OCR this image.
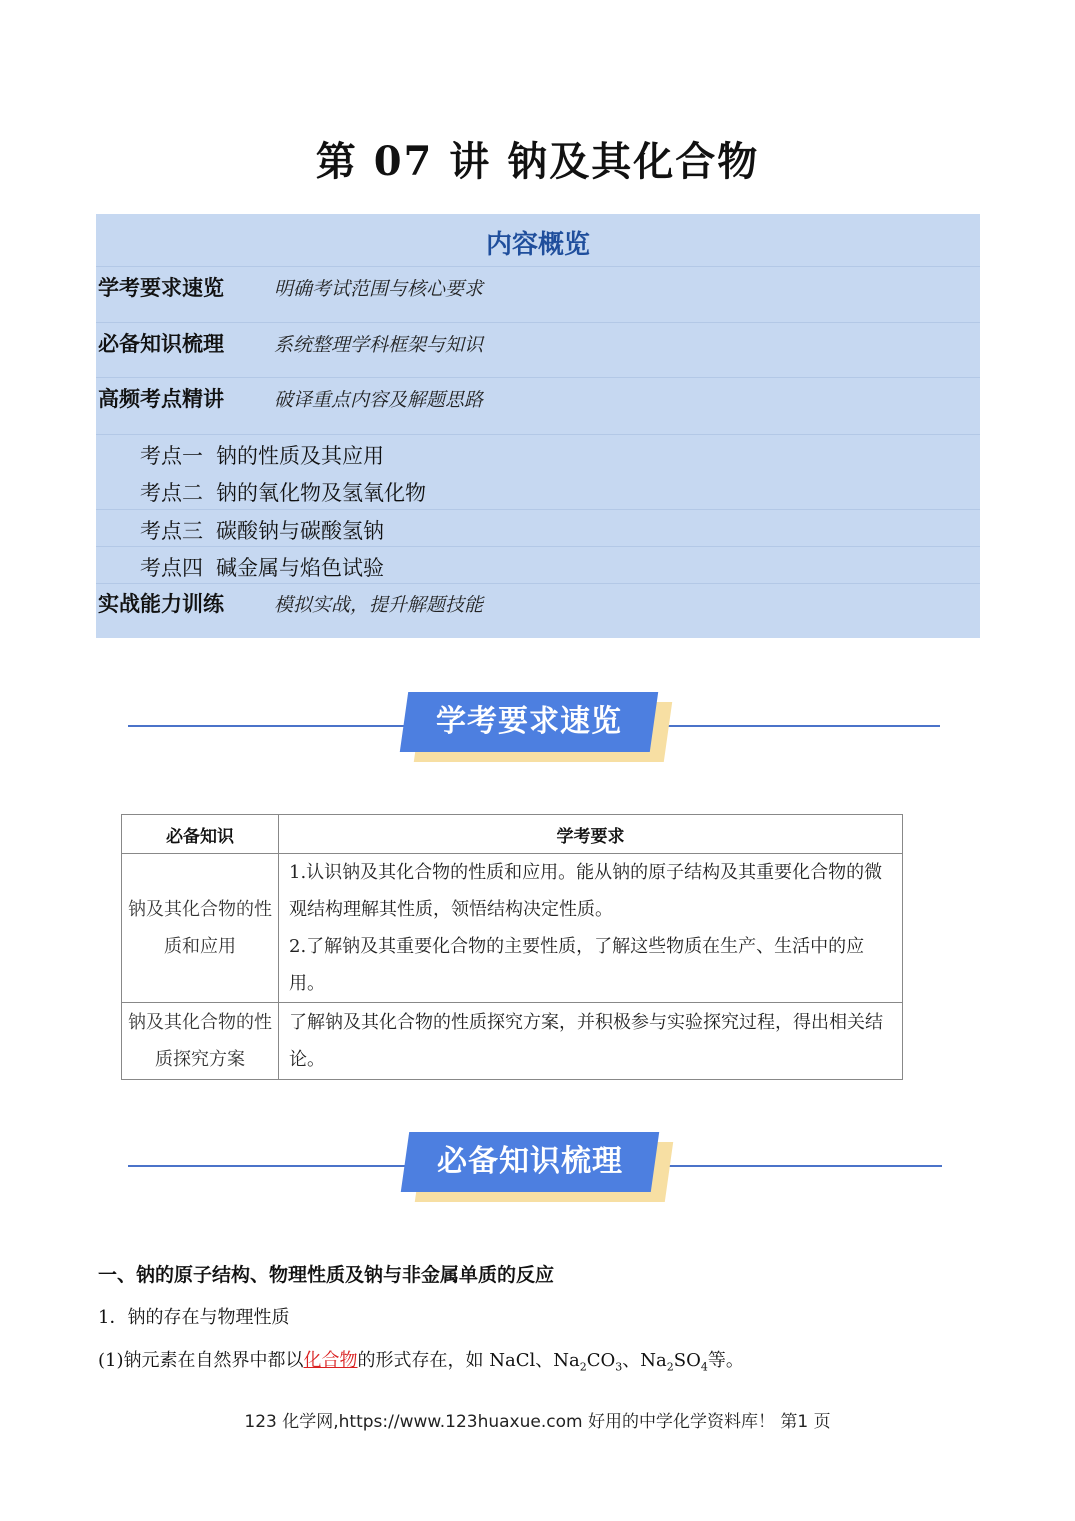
第 07 讲 钠及其化合物
内容概览
学考要求速览	明确考试范围与核心要求
必备知识梳理	系统整理学科框架与知识
高频考点精讲	破译重点内容及解题思路
考点一 钠的性质及其应用
考点二 钠的氧化物及氢氧化物
考点三 碳酸钠与碳酸氢钠
考点四 碱金属与焰色试验
实战能力训练	模拟实战，提升解题技能
学考要求速览
必备知识	学考要求
钠及其化合物的性质和应用	1.认识钠及其化合物的性质和应用。能从钠的原子结构及其重要化合物的微观结构理解其性质，领悟结构决定性质。
2.了解钠及其重要化合物的主要性质，了解这些物质在生产、生活中的应用。

钠及其化合物的性质探究方案	了解钠及其化合物的性质探究方案，并积极参与实验探究过程，得出相关结论。
必备知识梳理
一、钠的原子结构、物理性质及钠与非金属单质的反应
1．钠的存在与物理性质
(1)钠元素在自然界中都以化合物的形式存在，如 NaCl、$Na_2CO_3$、$Na_2SO_4$等。
123 化学网,https://www.123huaxue.com 好用的中学化学资料库！ 第1 页
